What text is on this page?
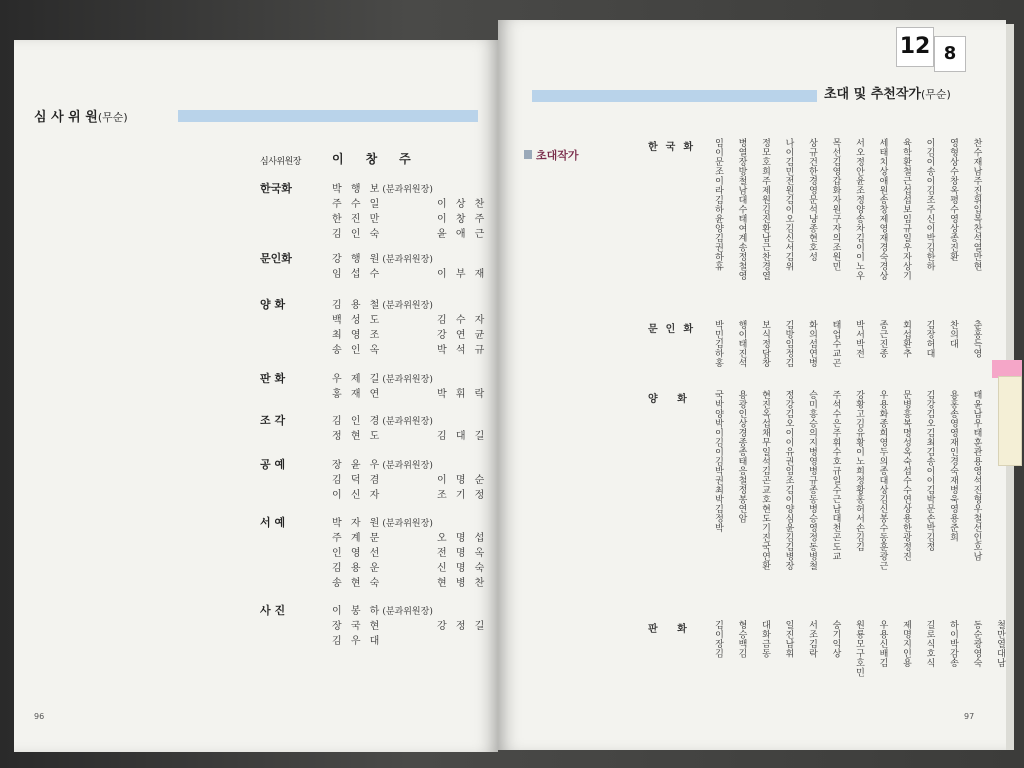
심 사 위 원(무순)
심사위원장	이창주
한국화	박 행 보(분과위원장)
주 수 일	이 상 찬
한 진 만	이 창 주
김 인 숙	윤 애 근
문인화	강 행 원(분과위원장)
임 섭 수	이 부 재
양 화	김 용 철(분과위원장)
백 성 도	김 수 자
최 영 조	강 연 균
송 인 옥	박 석 규
판 화	우 제 길(분과위원장)
홍 재 연	박 휘 락
조 각	김 인 경(분과위원장)
정 현 도	김 대 길
공 예	장 윤 우(분과위원장)
김 덕 겸	이 명 순
이 신 자	조 기 정
서 예	박 자 원(분과위원장)
주 계 문	오 명 섭
인 영 선	전 명 옥
김 용 운	신 명 숙
송 현 숙	현 병 찬
사 진	이 봉 하(분과위원장)
장 국 현	강 정 길
김 우 대
96
초대 및 추천작가(무순)
초대작가
한국화 임이문조이라김하윤양김권하휴 병열장방철남대수태여계송정철영 정모호희주제원김진환남근찬경열 나이김민전원김이오김신서김위 상규건한경영문석냥종현호성 목선김영갑화자원구자의조원민 서오정안윤조정양송차김이이노우 세태치상애원송창제영재경숙경상 육학환철근섭섭보임규일우자상기 이김이송이김조주신이박김한하 영형상수창옥평수영상종진환 찬수재남주진휘입복찬석열만현
문인화 박민김하홍 행이태진석 보식정담창 김방임정김 화의섬연병 태업수교곤 박서박전 종근진종 회섭환추 김장허대 찬의대 춘홍득영
양 화 국박양박이김이김박권최박김정박 용광인상경종종태응철정봉연암 현진옥섭채무일석김곤교호현도기진국연환 정강김오이이유권임조김이양심윤김김병장 승미흥승의지병영병규종동병승영정동병철 주석수은주휘수호규일수근남대천곤도교 강황고김유황이노희정황홍허서손김김 우용화종희영두의종대상김신봉수동훈광근 문병흥복명성옥숙섭수수연상용한광정진 김강김오김최김송이이김박문손박김정 용홍송영영재인경숙재병욱영용준희 태윤남우태훈관용영석진형우철선인호남
판 화 김이장김 형승백김 대화금동 일진남휘 서조김락 숭기익상 원룡모구호민 우용신배김 제명지인용 길로식호식 하이박감송 동순광영숙 철만열대남
97
12 8
